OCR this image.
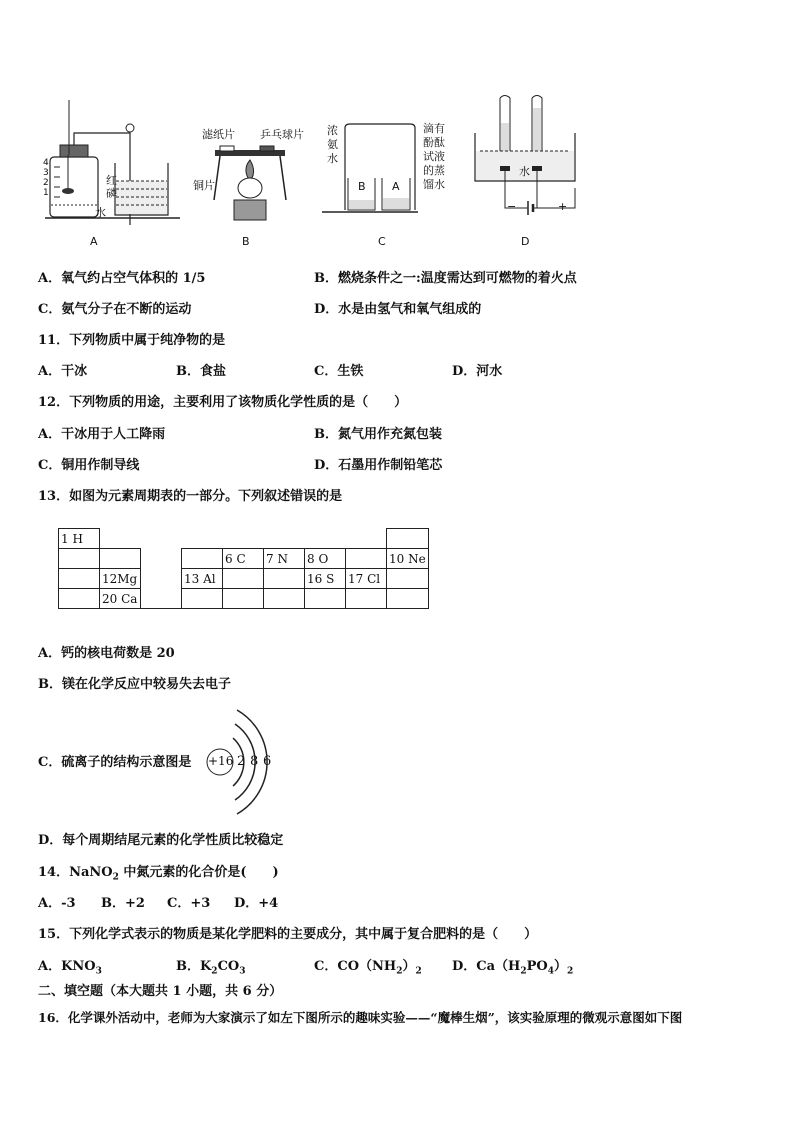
4
3
2
1
红磷
水
A
滤纸片 乒乓球片
铜片
B
浓氨水
B A
滴有酚酞试液的蒸馏水
C
水
−	+
D
A．氧气约占空气体积的 1/5	B．燃烧条件之一:温度需达到可燃物的着火点
C．氨气分子在不断的运动	D．水是由氢气和氧气组成的
11．下列物质中属于纯净物的是
A．干冰	B．食盐	C．生铁	D．河水
12．下列物质的用途，主要利用了该物质化学性质的是（　　）
A．干冰用于人工降雨	B．氮气用作充氮包装
C．铜用作制导线	D．石墨用作制铅笔芯
13．如图为元素周期表的一部分。下列叙述错误的是
1 H								
				6 C	7 N	8 O		10 Ne
	12Mg		13 Al			16 S	17 Cl	
	20 Ca							
A．钙的核电荷数是 20
B．镁在化学反应中较易失去电子
C．硫离子的结构示意图是 +16 2 8 6
D．每个周期结尾元素的化学性质比较稳定
14．NaNO$_2$ 中氮元素的化合价是(　　)
A．-3 B．+2 C．+3 D．+4
15．下列化学式表示的物质是某化学肥料的主要成分，其中属于复合肥料的是（　　）
A．$KNO_3$	B．$K_2CO_3$	C．$CO(NH_2)_2$ D．$Ca(H_2PO_4)_2$
二、填空题（本大题共 1 小题，共 6 分）
16．化学课外活动中，老师为大家演示了如左下图所示的趣味实验——“魔棒生烟”，该实验原理的微观示意图如下图
